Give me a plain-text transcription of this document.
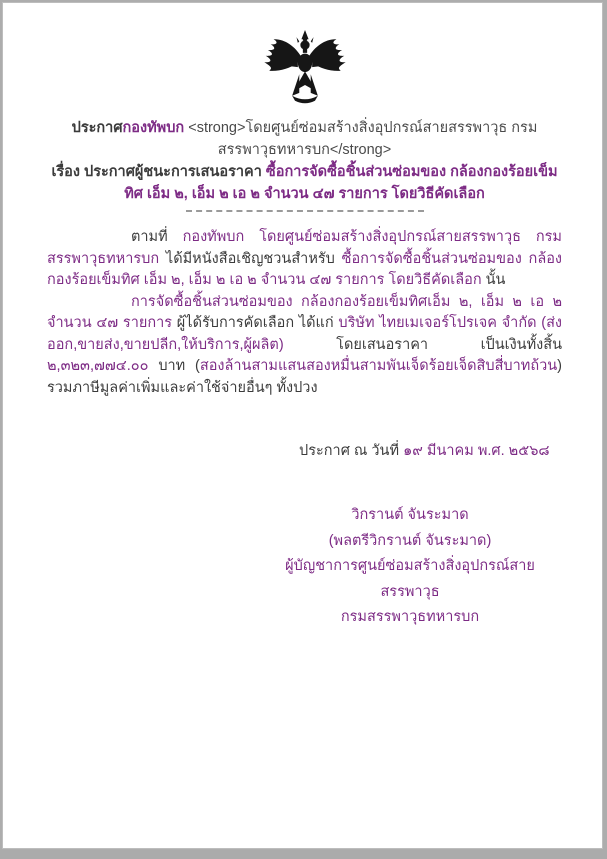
ประกาศกองทัพบก <strong>โดยศูนย์ซ่อมสร้างสิ่งอุปกรณ์สายสรรพาวุธ กรมสรรพาวุธทหารบก</strong>
เรื่อง ประกาศผู้ชนะการเสนอราคา ซื้อการจัดซื้อชิ้นส่วนซ่อมของ กล้องกองร้อยเข็มทิศ เอ็ม ๒, เอ็ม ๒ เอ ๒ จำนวน ๔๗ รายการ โดยวิธีคัดเลือก

ตามที่ กองทัพบก โดยศูนย์ซ่อมสร้างสิ่งอุปกรณ์สายสรรพาวุธ กรมสรรพาวุธทหารบก ได้มีหนังสือเชิญชวนสำหรับ ซื้อการจัดซื้อชิ้นส่วนซ่อมของ กล้องกองร้อยเข็มทิศ เอ็ม ๒, เอ็ม ๒ เอ ๒ จำนวน ๔๗ รายการ โดยวิธีคัดเลือก นั้น

การจัดซื้อชิ้นส่วนซ่อมของ กล้องกองร้อยเข็มทิศเอ็ม ๒, เอ็ม ๒ เอ ๒ จำนวน ๔๗ รายการ ผู้ได้รับการคัดเลือก ได้แก่ บริษัท ไทยเมเจอร์โปรเจค จำกัด (ส่งออก,ขายส่ง,ขายปลีก,ให้บริการ,ผู้ผลิต) โดยเสนอราคา เป็นเงินทั้งสิ้น ๒,๓๒๓,๗๗๔.๐๐ บาท (สองล้านสามแสนสองหมื่นสามพันเจ็ดร้อยเจ็ดสิบสี่บาทถ้วน) รวมภาษีมูลค่าเพิ่มและค่าใช้จ่ายอื่นๆ ทั้งปวง

ประกาศ ณ วันที่ ๑๙ มีนาคม พ.ศ. ๒๕๖๘
วิกรานต์ จันระมาด
(พลตรีวิกรานต์ จันระมาด)
ผู้บัญชาการศูนย์ซ่อมสร้างสิ่งอุปกรณ์สายสรรพาวุธ
กรมสรรพาวุธทหารบก
